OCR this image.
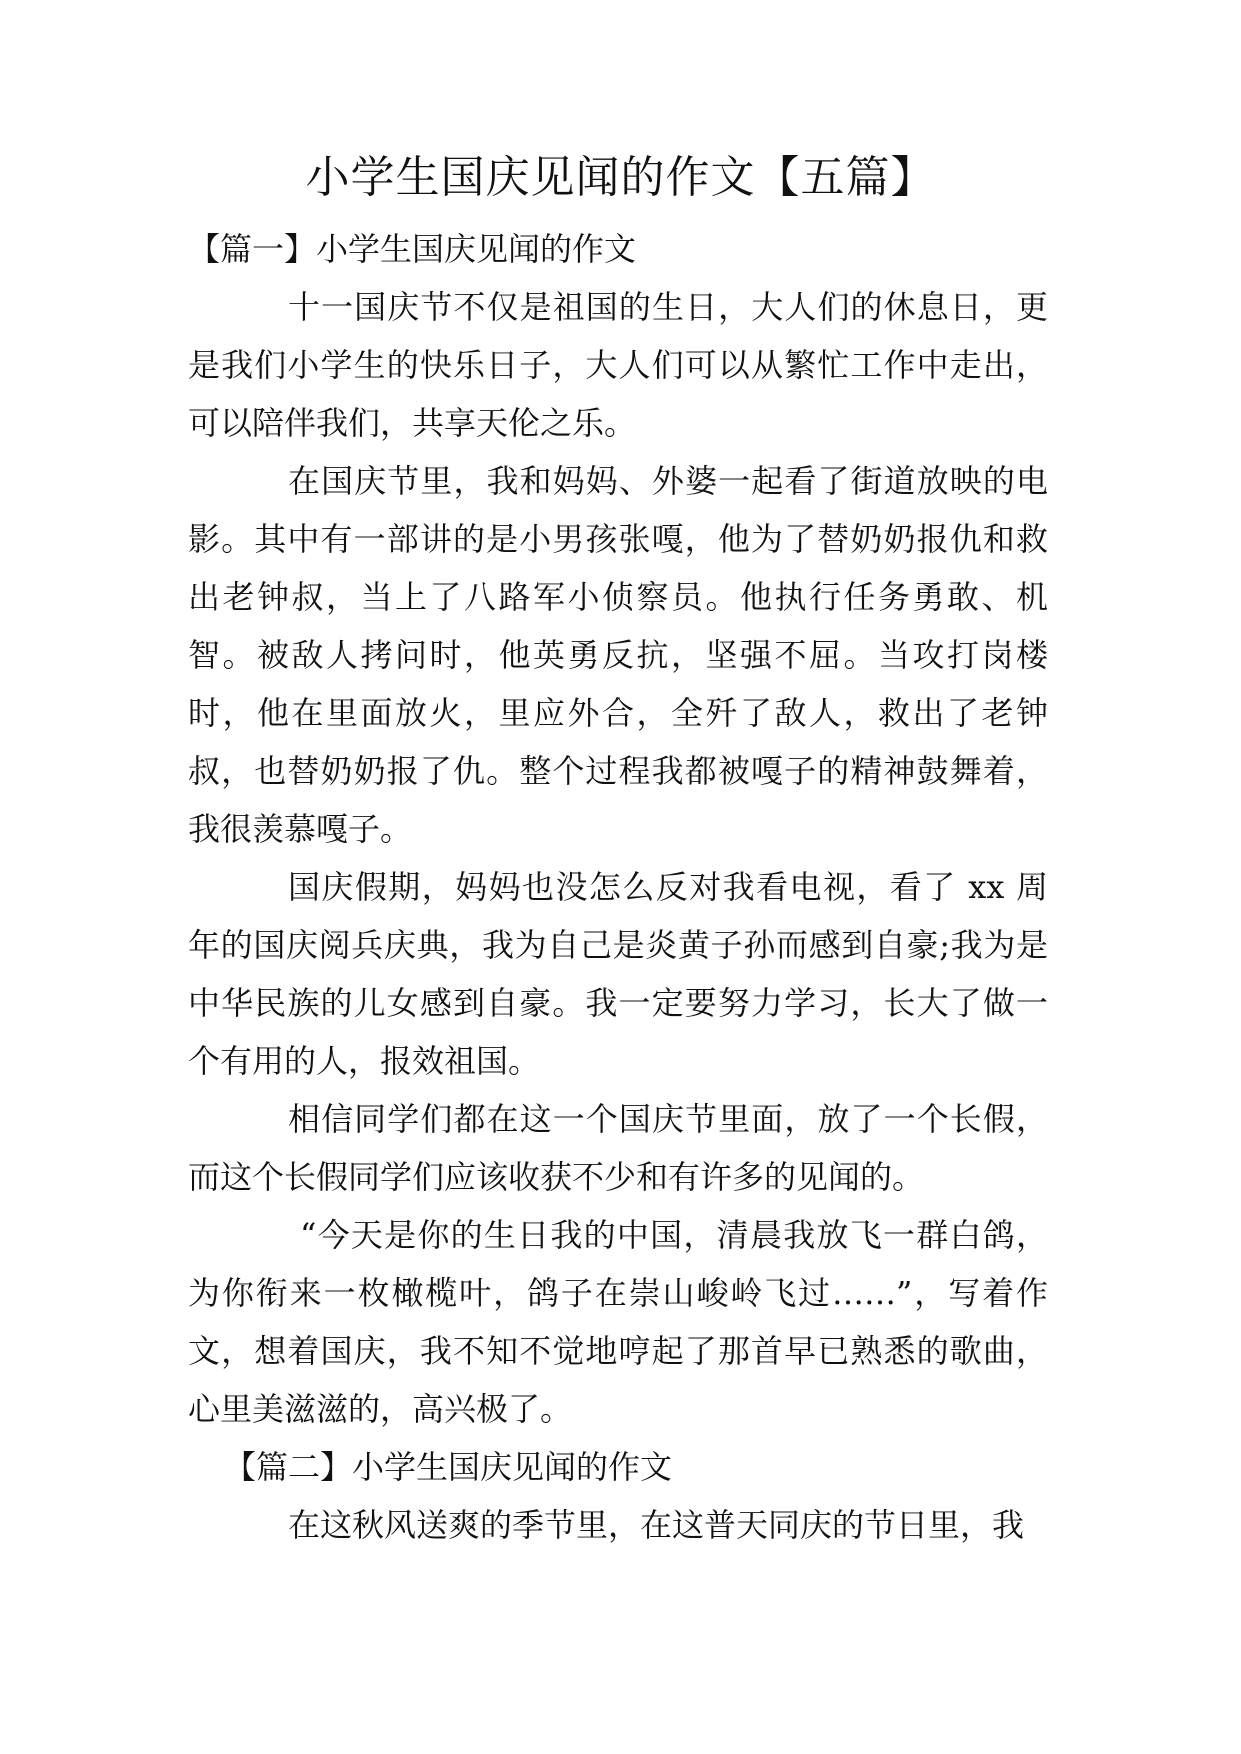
小学生国庆见闻的作文【五篇】
【篇一】小学生国庆见闻的作文

十一国庆节不仅是祖国的生日，大人们的休息日，更是我们小学生的快乐日子，大人们可以从繁忙工作中走出，可以陪伴我们，共享天伦之乐。

在国庆节里，我和妈妈、外婆一起看了街道放映的电影。其中有一部讲的是小男孩张嘎，他为了替奶奶报仇和救出老钟叔，当上了八路军小侦察员。他执行任务勇敢、机智。被敌人拷问时，他英勇反抗，坚强不屈。当攻打岗楼时，他在里面放火，里应外合，全歼了敌人，救出了老钟叔，也替奶奶报了仇。整个过程我都被嘎子的精神鼓舞着，我很羡慕嘎子。

国庆假期，妈妈也没怎么反对我看电视，看了 xx 周年的国庆阅兵庆典，我为自己是炎黄子孙而感到自豪;我为是中华民族的儿女感到自豪。我一定要努力学习，长大了做一个有用的人，报效祖国。

相信同学们都在这一个国庆节里面，放了一个长假，而这个长假同学们应该收获不少和有许多的见闻的。

“今天是你的生日我的中国，清晨我放飞一群白鸽，为你衔来一枚橄榄叶，鸽子在崇山峻岭飞过……”，写着作文，想着国庆，我不知不觉地哼起了那首早已熟悉的歌曲，心里美滋滋的，高兴极了。

【篇二】小学生国庆见闻的作文

在这秋风送爽的季节里，在这普天同庆的节日里，我
